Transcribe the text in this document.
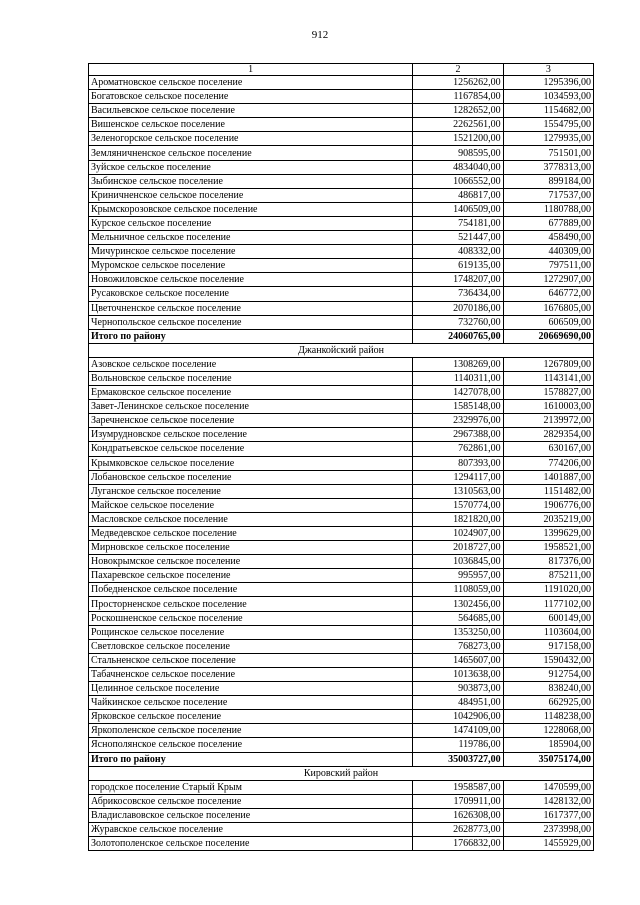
912
1	2	3
Ароматновское сельское поселение	1256262,00	1295396,00
Богатовское сельское поселение	1167854,00	1034593,00
Васильевское сельское поселение	1282652,00	1154682,00
Вишенское сельское поселение	2262561,00	1554795,00
Зеленогорское сельское поселение	1521200,00	1279935,00
Земляничненское сельское поселение	908595,00	751501,00
Зуйское сельское поселение	4834040,00	3778313,00
Зыбинское сельское поселение	1066552,00	899184,00
Криничненское сельское поселение	486817,00	717537,00
Крымскорозовское сельское поселение	1406509,00	1180788,00
Курское сельское поселение	754181,00	677889,00
Мельничное сельское поселение	521447,00	458490,00
Мичуринское сельское поселение	408332,00	440309,00
Муромское сельское поселение	619135,00	797511,00
Новожиловское сельское поселение	1748207,00	1272907,00
Русаковское сельское поселение	736434,00	646772,00
Цветочненское сельское поселение	2070186,00	1676805,00
Чернопольское сельское поселение	732760,00	606509,00
Итого по району	24060765,00	20669690,00
Джанкойский район		
Азовское сельское поселение	1308269,00	1267809,00
Вольновское сельское поселение	1140311,00	1143141,00
Ермаковское сельское поселение	1427078,00	1578827,00
Завет-Ленинское сельское поселение	1585148,00	1610003,00
Заречненское сельское поселение	2329976,00	2139972,00
Изумрудновское сельское поселение	2967388,00	2829354,00
Кондратьевское сельское поселение	762861,00	630167,00
Крымковское сельское поселение	807393,00	774206,00
Лобановское сельское поселение	1294117,00	1401887,00
Луганское сельское поселение	1310563,00	1151482,00
Майское сельское поселение	1570774,00	1906776,00
Масловское сельское поселение	1821820,00	2035219,00
Медведевское сельское поселение	1024907,00	1399629,00
Мирновское сельское поселение	2018727,00	1958521,00
Новокрымское сельское поселение	1036845,00	817376,00
Пахаревское сельское поселение	995957,00	875211,00
Победненское сельское поселение	1108059,00	1191020,00
Просторненское сельское поселение	1302456,00	1177102,00
Роскошненское сельское поселение	564685,00	600149,00
Рощинское сельское поселение	1353250,00	1103604,00
Светловское сельское поселение	768273,00	917158,00
Стальненское сельское поселение	1465607,00	1590432,00
Табачненское сельское поселение	1013638,00	912754,00
Целинное сельское поселение	903873,00	838240,00
Чайкинское сельское поселение	484951,00	662925,00
Ярковское сельское поселение	1042906,00	1148238,00
Яркополенское сельское поселение	1474109,00	1228068,00
Яснополянское сельское поселение	119786,00	185904,00
Итого по району	35003727,00	35075174,00
Кировский район		
городское поселение Старый Крым	1958587,00	1470599,00
Абрикосовское сельское поселение	1709911,00	1428132,00
Владиславовское сельское поселение	1626308,00	1617377,00
Журавское сельское поселение	2628773,00	2373998,00
Золотополенское сельское поселение	1766832,00	1455929,00
